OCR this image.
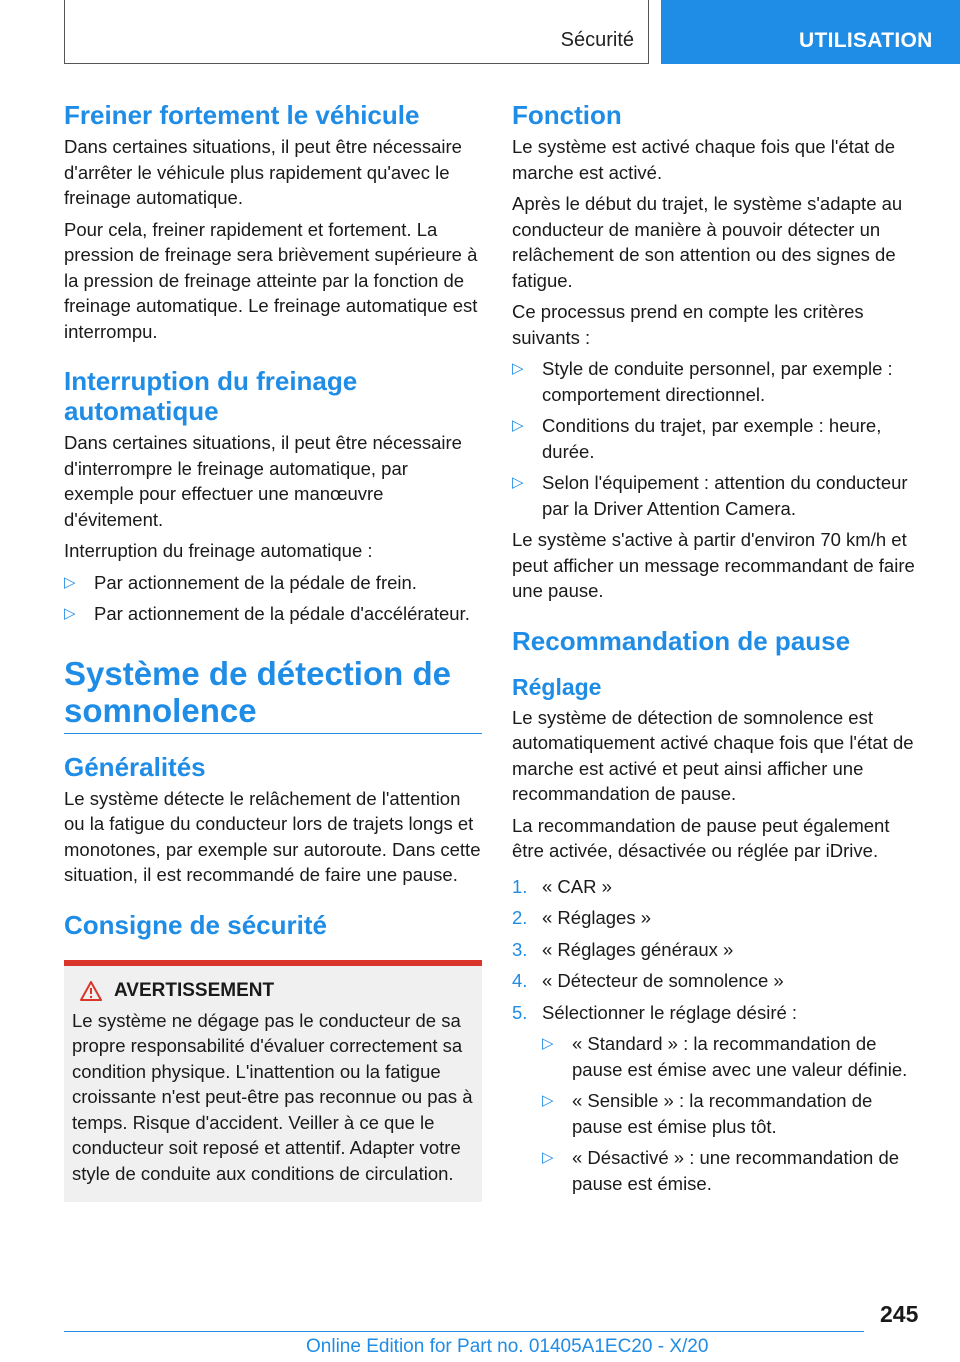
Sécurité	UTILISATION
Freiner fortement le véhicule

Dans certaines situations, il peut être nécessaire d'arrêter le véhicule plus rapidement qu'avec le freinage automatique.

Pour cela, freiner rapidement et fortement. La pression de freinage sera brièvement supérieure à la pression de freinage atteinte par la fonction de freinage automatique. Le freinage automatique est interrompu.

Interruption du freinage automatique

Dans certaines situations, il peut être nécessaire d'interrompre le freinage automatique, par exemple pour effectuer une manœuvre d'évitement.

Interruption du freinage automatique :

▷ Par actionnement de la pédale de frein.
▷ Par actionnement de la pédale d'accélérateur.
Système de détection de somnolence
Généralités

Le système détecte le relâchement de l'attention ou la fatigue du conducteur lors de trajets longs et monotones, par exemple sur autoroute. Dans cette situation, il est recommandé de faire une pause.

Consigne de sécurité
AVERTISSEMENT

Le système ne dégage pas le conducteur de sa propre responsabilité d'évaluer correctement sa condition physique. L'inattention ou la fatigue croissante n'est peut-être pas reconnue ou pas à temps. Risque d'accident. Veiller à ce que le conducteur soit reposé et attentif. Adapter votre style de conduite aux conditions de circulation.

Fonction

Le système est activé chaque fois que l'état de marche est activé.

Après le début du trajet, le système s'adapte au conducteur de manière à pouvoir détecter un relâchement de son attention ou des signes de fatigue.

Ce processus prend en compte les critères suivants :

▷ Style de conduite personnel, par exemple : comportement directionnel.
▷ Conditions du trajet, par exemple : heure, durée.
▷ Selon l'équipement : attention du conducteur par la Driver Attention Camera.

Le système s'active à partir d'environ 70 km/h et peut afficher un message recommandant de faire une pause.

Recommandation de pause
Réglage

Le système de détection de somnolence est automatiquement activé chaque fois que l'état de marche est activé et peut ainsi afficher une recommandation de pause.

La recommandation de pause peut également être activée, désactivée ou réglée par iDrive.

1. « CAR »
2. « Réglages »
3. « Réglages généraux »
4. « Détecteur de somnolence »
5. Sélectionner le réglage désiré :
▷ « Standard » : la recommandation de pause est émise avec une valeur définie.
▷ « Sensible » : la recommandation de pause est émise plus tôt.
▷ « Désactivé » : une recommandation de pause est émise.
245
Online Edition for Part no. 01405A1EC20 - X/20
